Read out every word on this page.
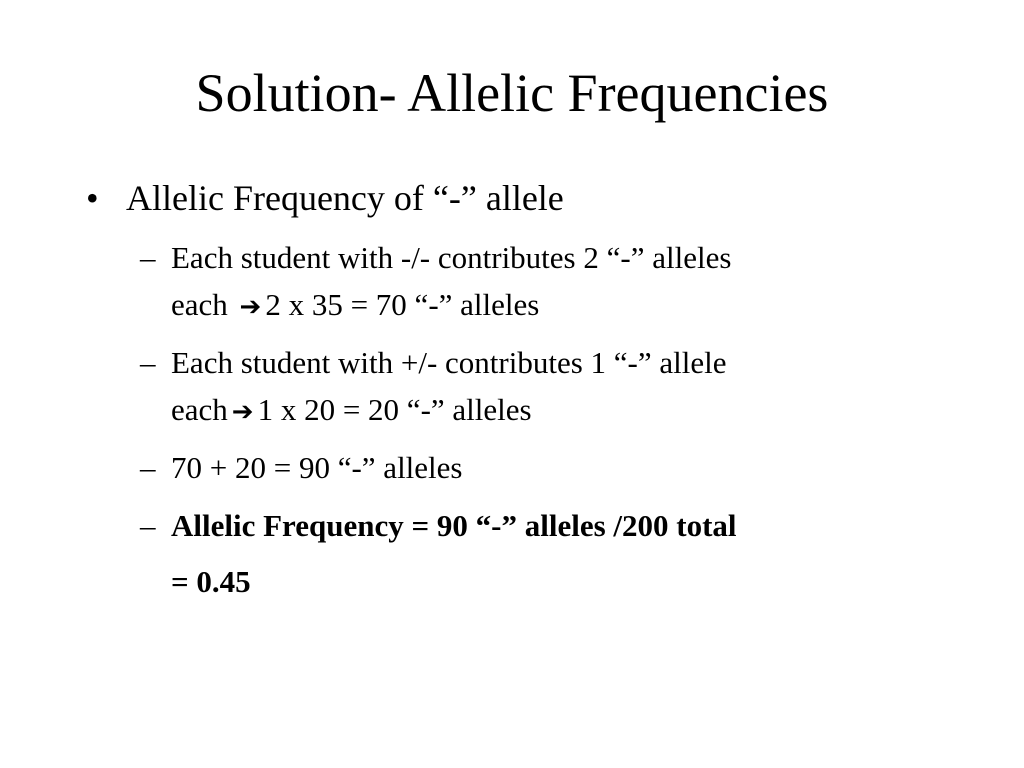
Solution- Allelic Frequencies
• Allelic Frequency of “-” allele
– Each student with -/- contributes 2 “-” alleles
each ➔ 2 x 35 = 70 “-” alleles
– Each student with +/- contributes 1 “-” allele
each ➔ 1 x 20 = 20 “-” alleles
– 70 + 20 = 90 “-” alleles
– Allelic Frequency = 90 “-” alleles /200 total
= 0.45
